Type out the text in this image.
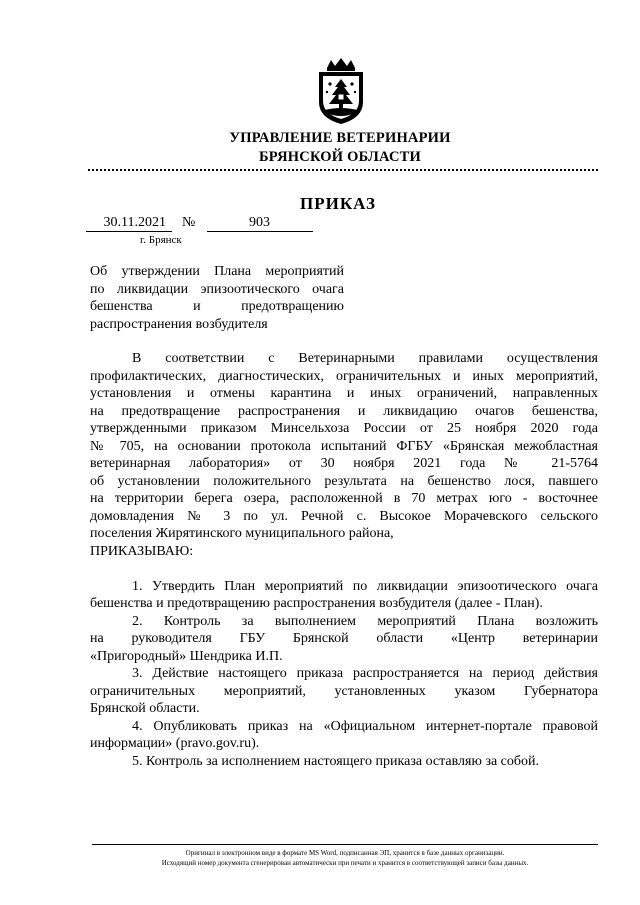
УПРАВЛЕНИЕ ВЕТЕРИНАРИИ
БРЯНСКОЙ ОБЛАСТИ
ПРИКАЗ
30.11.2021	№	903
г. Брянск
Об утверждении Плана мероприятий
по ликвидации эпизоотического очага
бешенства и предотвращению
распространения возбудителя
В соответствии с Ветеринарными правилами осуществления
профилактических, диагностических, ограничительных и иных мероприятий,
установления и отмены карантина и иных ограничений, направленных
на предотвращение распространения и ликвидацию очагов бешенства,
утвержденными приказом Минсельхоза России от 25 ноября 2020 года
№ 705, на основании протокола испытаний ФГБУ «Брянская межобластная
ветеринарная лаборатория» от 30 ноября 2021 года № 21-5764
об установлении положительного результата на бешенство лося, павшего
на территории берега озера, расположенной в 70 метрах юго - восточнее
домовладения № 3 по ул. Речной с. Высокое Морачевского сельского
поселения Жирятинского муниципального района,
ПРИКАЗЫВАЮ:
1. Утвердить План мероприятий по ликвидации эпизоотического очага
бешенства и предотвращению распространения возбудителя (далее - План).
2. Контроль за выполнением мероприятий Плана возложить
на руководителя ГБУ Брянской области «Центр ветеринарии
«Пригородный» Шендрика И.П.
3. Действие настоящего приказа распространяется на период действия
ограничительных мероприятий, установленных указом Губернатора
Брянской области.
4. Опубликовать приказ на «Официальном интернет-портале правовой
информации» (pravo.gov.ru).
5. Контроль за исполнением настоящего приказа оставляю за собой.
Оригинал в электронном виде в формате MS Word, подписанная ЭП, хранится в базе данных организации.
Исходящий номер документа сгенерирован автоматически при печати и хранится в соответствующей записи базы данных.
